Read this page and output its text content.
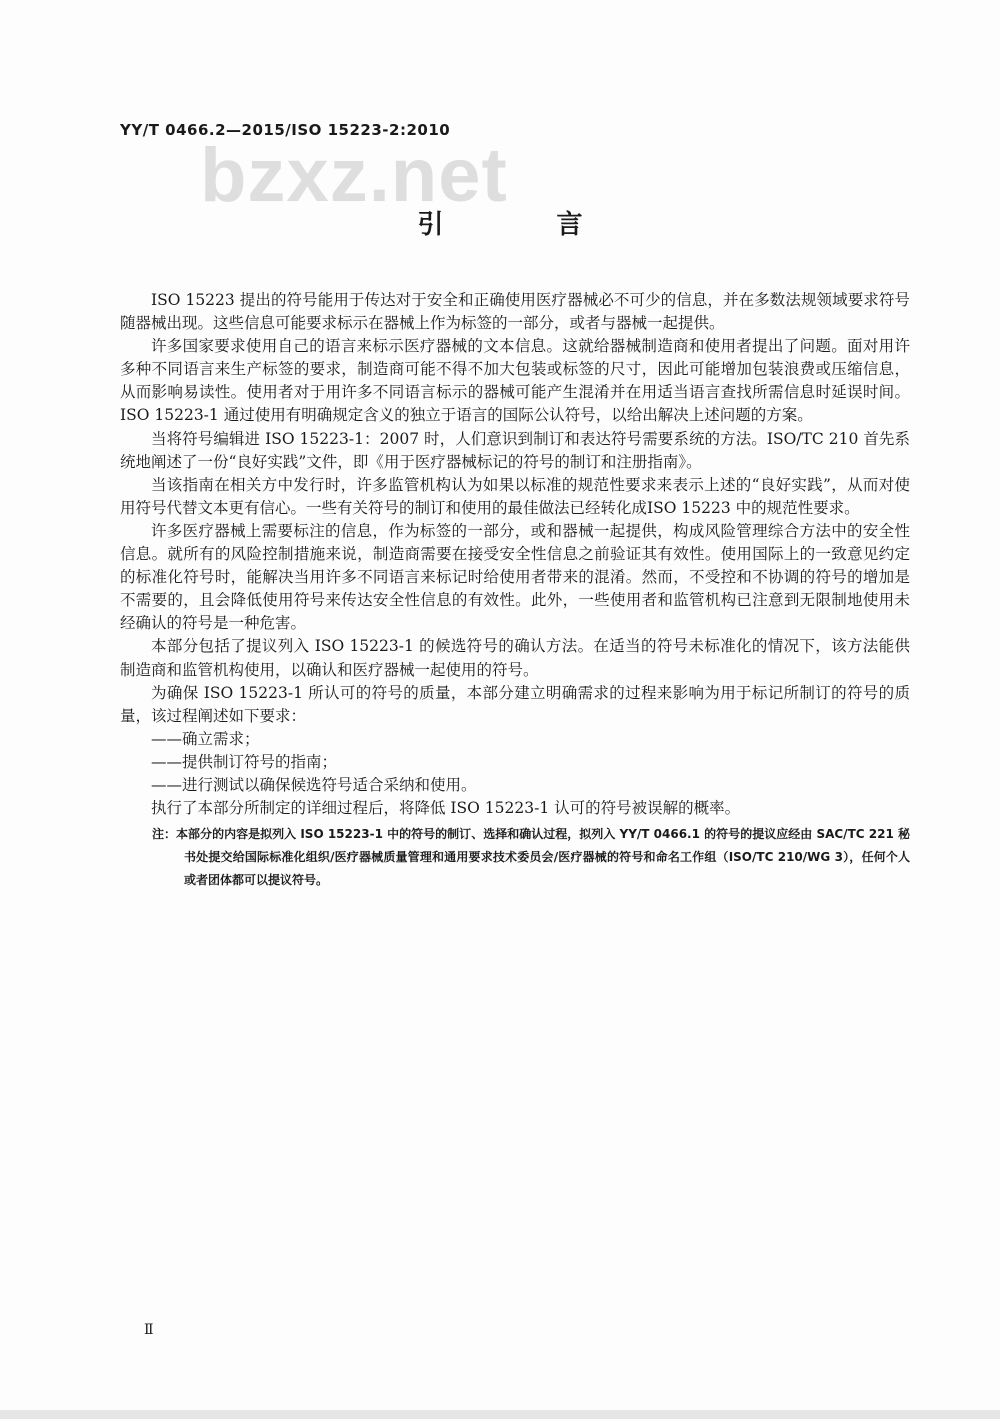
YY/T 0466.2—2015/ISO 15223-2:2010
bzxz.net
引 言

ISO 15223 提出的符号能用于传达对于安全和正确使用医疗器械必不可少的信息，并在多数法规领域要求符号随器械出现。这些信息可能要求标示在器械上作为标签的一部分，或者与器械一起提供。

许多国家要求使用自己的语言来标示医疗器械的文本信息。这就给器械制造商和使用者提出了问题。面对用许多种不同语言来生产标签的要求，制造商可能不得不加大包装或标签的尺寸，因此可能增加包装浪费或压缩信息，从而影响易读性。使用者对于用许多不同语言标示的器械可能产生混淆并在用适当语言查找所需信息时延误时间。ISO 15223-1 通过使用有明确规定含义的独立于语言的国际公认符号，以给出解决上述问题的方案。

当将符号编辑进 ISO 15223-1：2007 时，人们意识到制订和表达符号需要系统的方法。ISO/TC 210 首先系统地阐述了一份“良好实践”文件，即《用于医疗器械标记的符号的制订和注册指南》。

当该指南在相关方中发行时，许多监管机构认为如果以标准的规范性要求来表示上述的“良好实践”，从而对使用符号代替文本更有信心。一些有关符号的制订和使用的最佳做法已经转化成ISO 15223 中的规范性要求。

许多医疗器械上需要标注的信息，作为标签的一部分，或和器械一起提供，构成风险管理综合方法中的安全性信息。就所有的风险控制措施来说，制造商需要在接受安全性信息之前验证其有效性。使用国际上的一致意见约定的标准化符号时，能解决当用许多不同语言来标记时给使用者带来的混淆。然而，不受控和不协调的符号的增加是不需要的，且会降低使用符号来传达安全性信息的有效性。此外，一些使用者和监管机构已注意到无限制地使用未经确认的符号是一种危害。

本部分包括了提议列入 ISO 15223-1 的候选符号的确认方法。在适当的符号未标准化的情况下，该方法能供制造商和监管机构使用，以确认和医疗器械一起使用的符号。

为确保 ISO 15223-1 所认可的符号的质量，本部分建立明确需求的过程来影响为用于标记所制订的符号的质量，该过程阐述如下要求：

——确立需求；

——提供制订符号的指南；

——进行测试以确保候选符号适合采纳和使用。

执行了本部分所制定的详细过程后，将降低 ISO 15223-1 认可的符号被误解的概率。

注：本部分的内容是拟列入 ISO 15223-1 中的符号的制订、选择和确认过程，拟列入 YY/T 0466.1 的符号的提议应经由 SAC/TC 221 秘书处提交给国际标准化组织/医疗器械质量管理和通用要求技术委员会/医疗器械的符号和命名工作组（ISO/TC 210/WG 3），任何个人或者团体都可以提议符号。
Ⅱ
